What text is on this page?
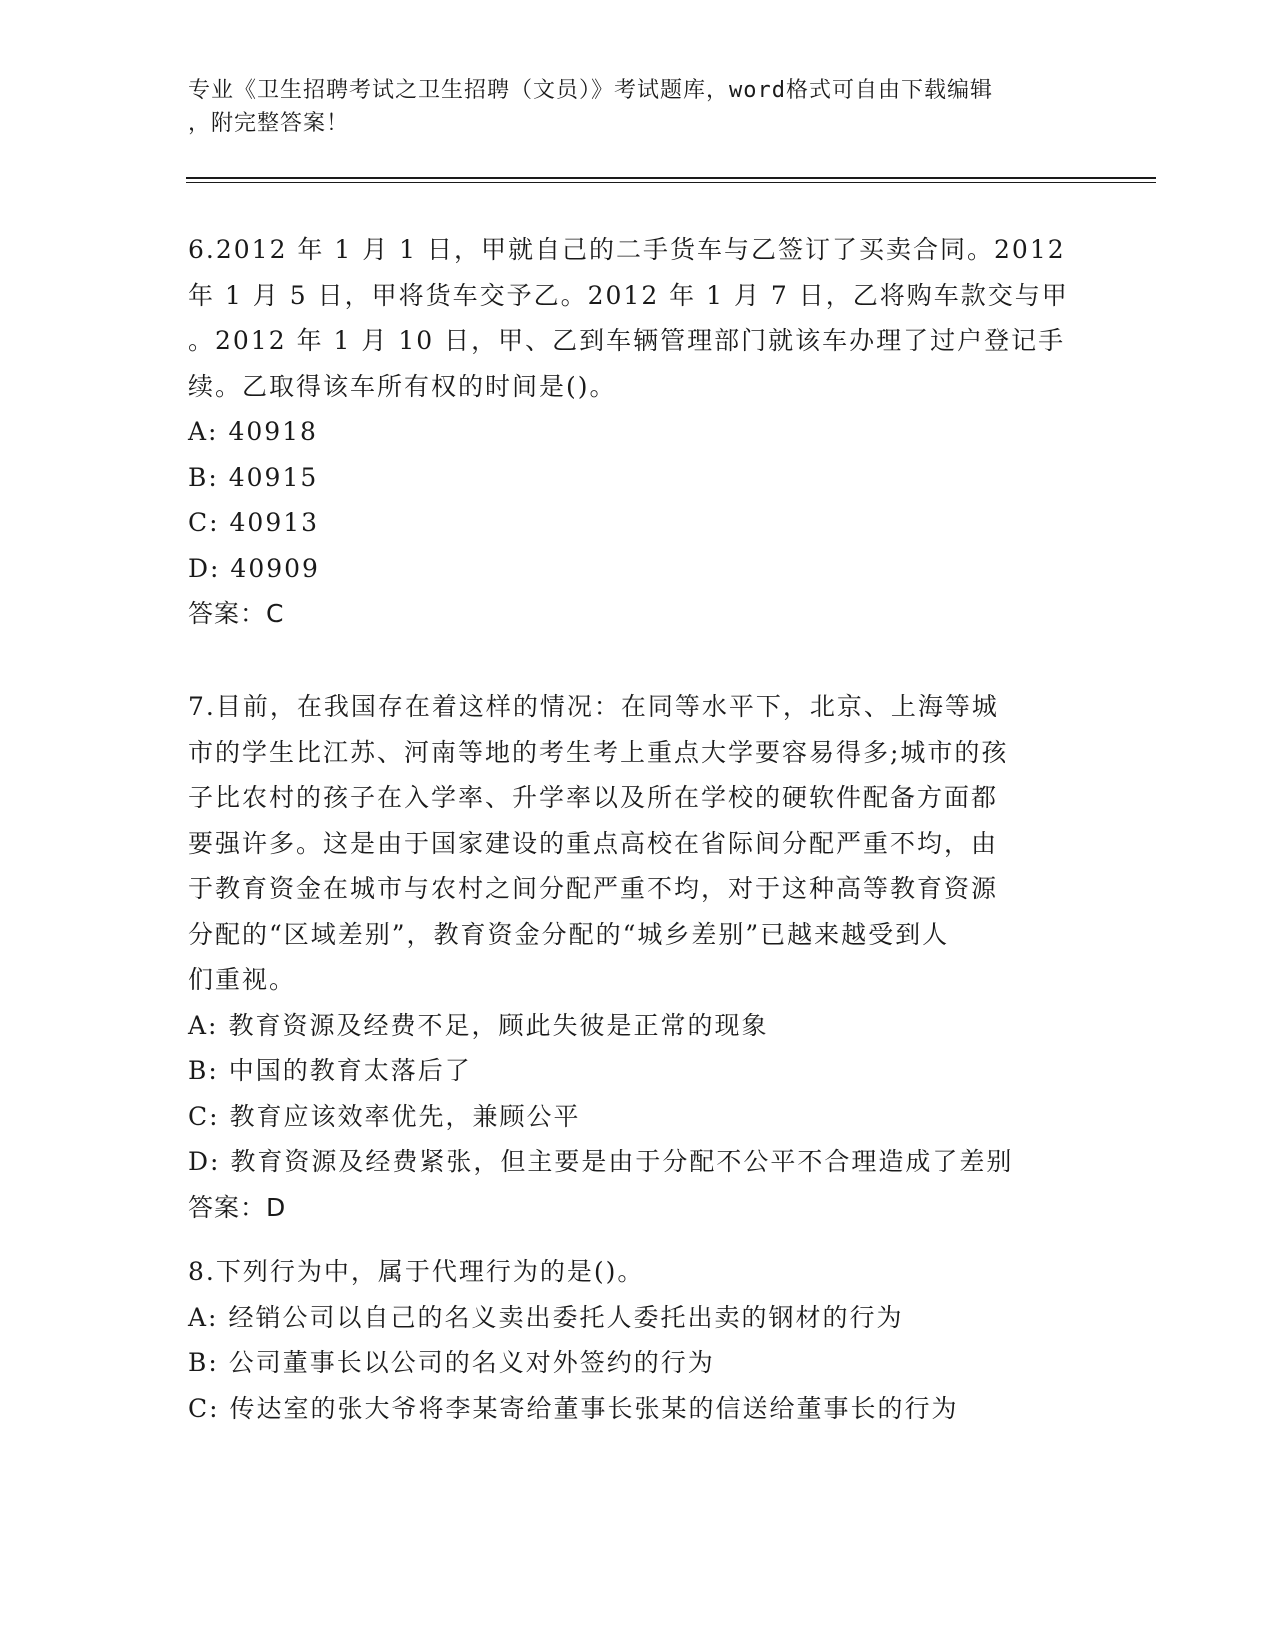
专业《卫生招聘考试之卫生招聘（文员）》考试题库，word格式可自由下载编辑
，附完整答案！
6.2012 年 1 月 1 日，甲就自己的二手货车与乙签订了买卖合同。2012
年 1 月 5 日，甲将货车交予乙。2012 年 1 月 7 日，乙将购车款交与甲
。2012 年 1 月 10 日，甲、乙到车辆管理部门就该车办理了过户登记手
续。乙取得该车所有权的时间是()。
A: 40918
B: 40915
C: 40913
D: 40909
答案：C
7.目前，在我国存在着这样的情况：在同等水平下，北京、上海等城
市的学生比江苏、河南等地的考生考上重点大学要容易得多;城市的孩
子比农村的孩子在入学率、升学率以及所在学校的硬软件配备方面都
要强许多。这是由于国家建设的重点高校在省际间分配严重不均，由
于教育资金在城市与农村之间分配严重不均，对于这种高等教育资源
分配的“区域差别”，教育资金分配的“城乡差别”已越来越受到人
们重视。
A: 教育资源及经费不足，顾此失彼是正常的现象
B: 中国的教育太落后了
C: 教育应该效率优先，兼顾公平
D: 教育资源及经费紧张，但主要是由于分配不公平不合理造成了差别
答案：D
8.下列行为中，属于代理行为的是()。
A: 经销公司以自己的名义卖出委托人委托出卖的钢材的行为
B: 公司董事长以公司的名义对外签约的行为
C: 传达室的张大爷将李某寄给董事长张某的信送给董事长的行为
